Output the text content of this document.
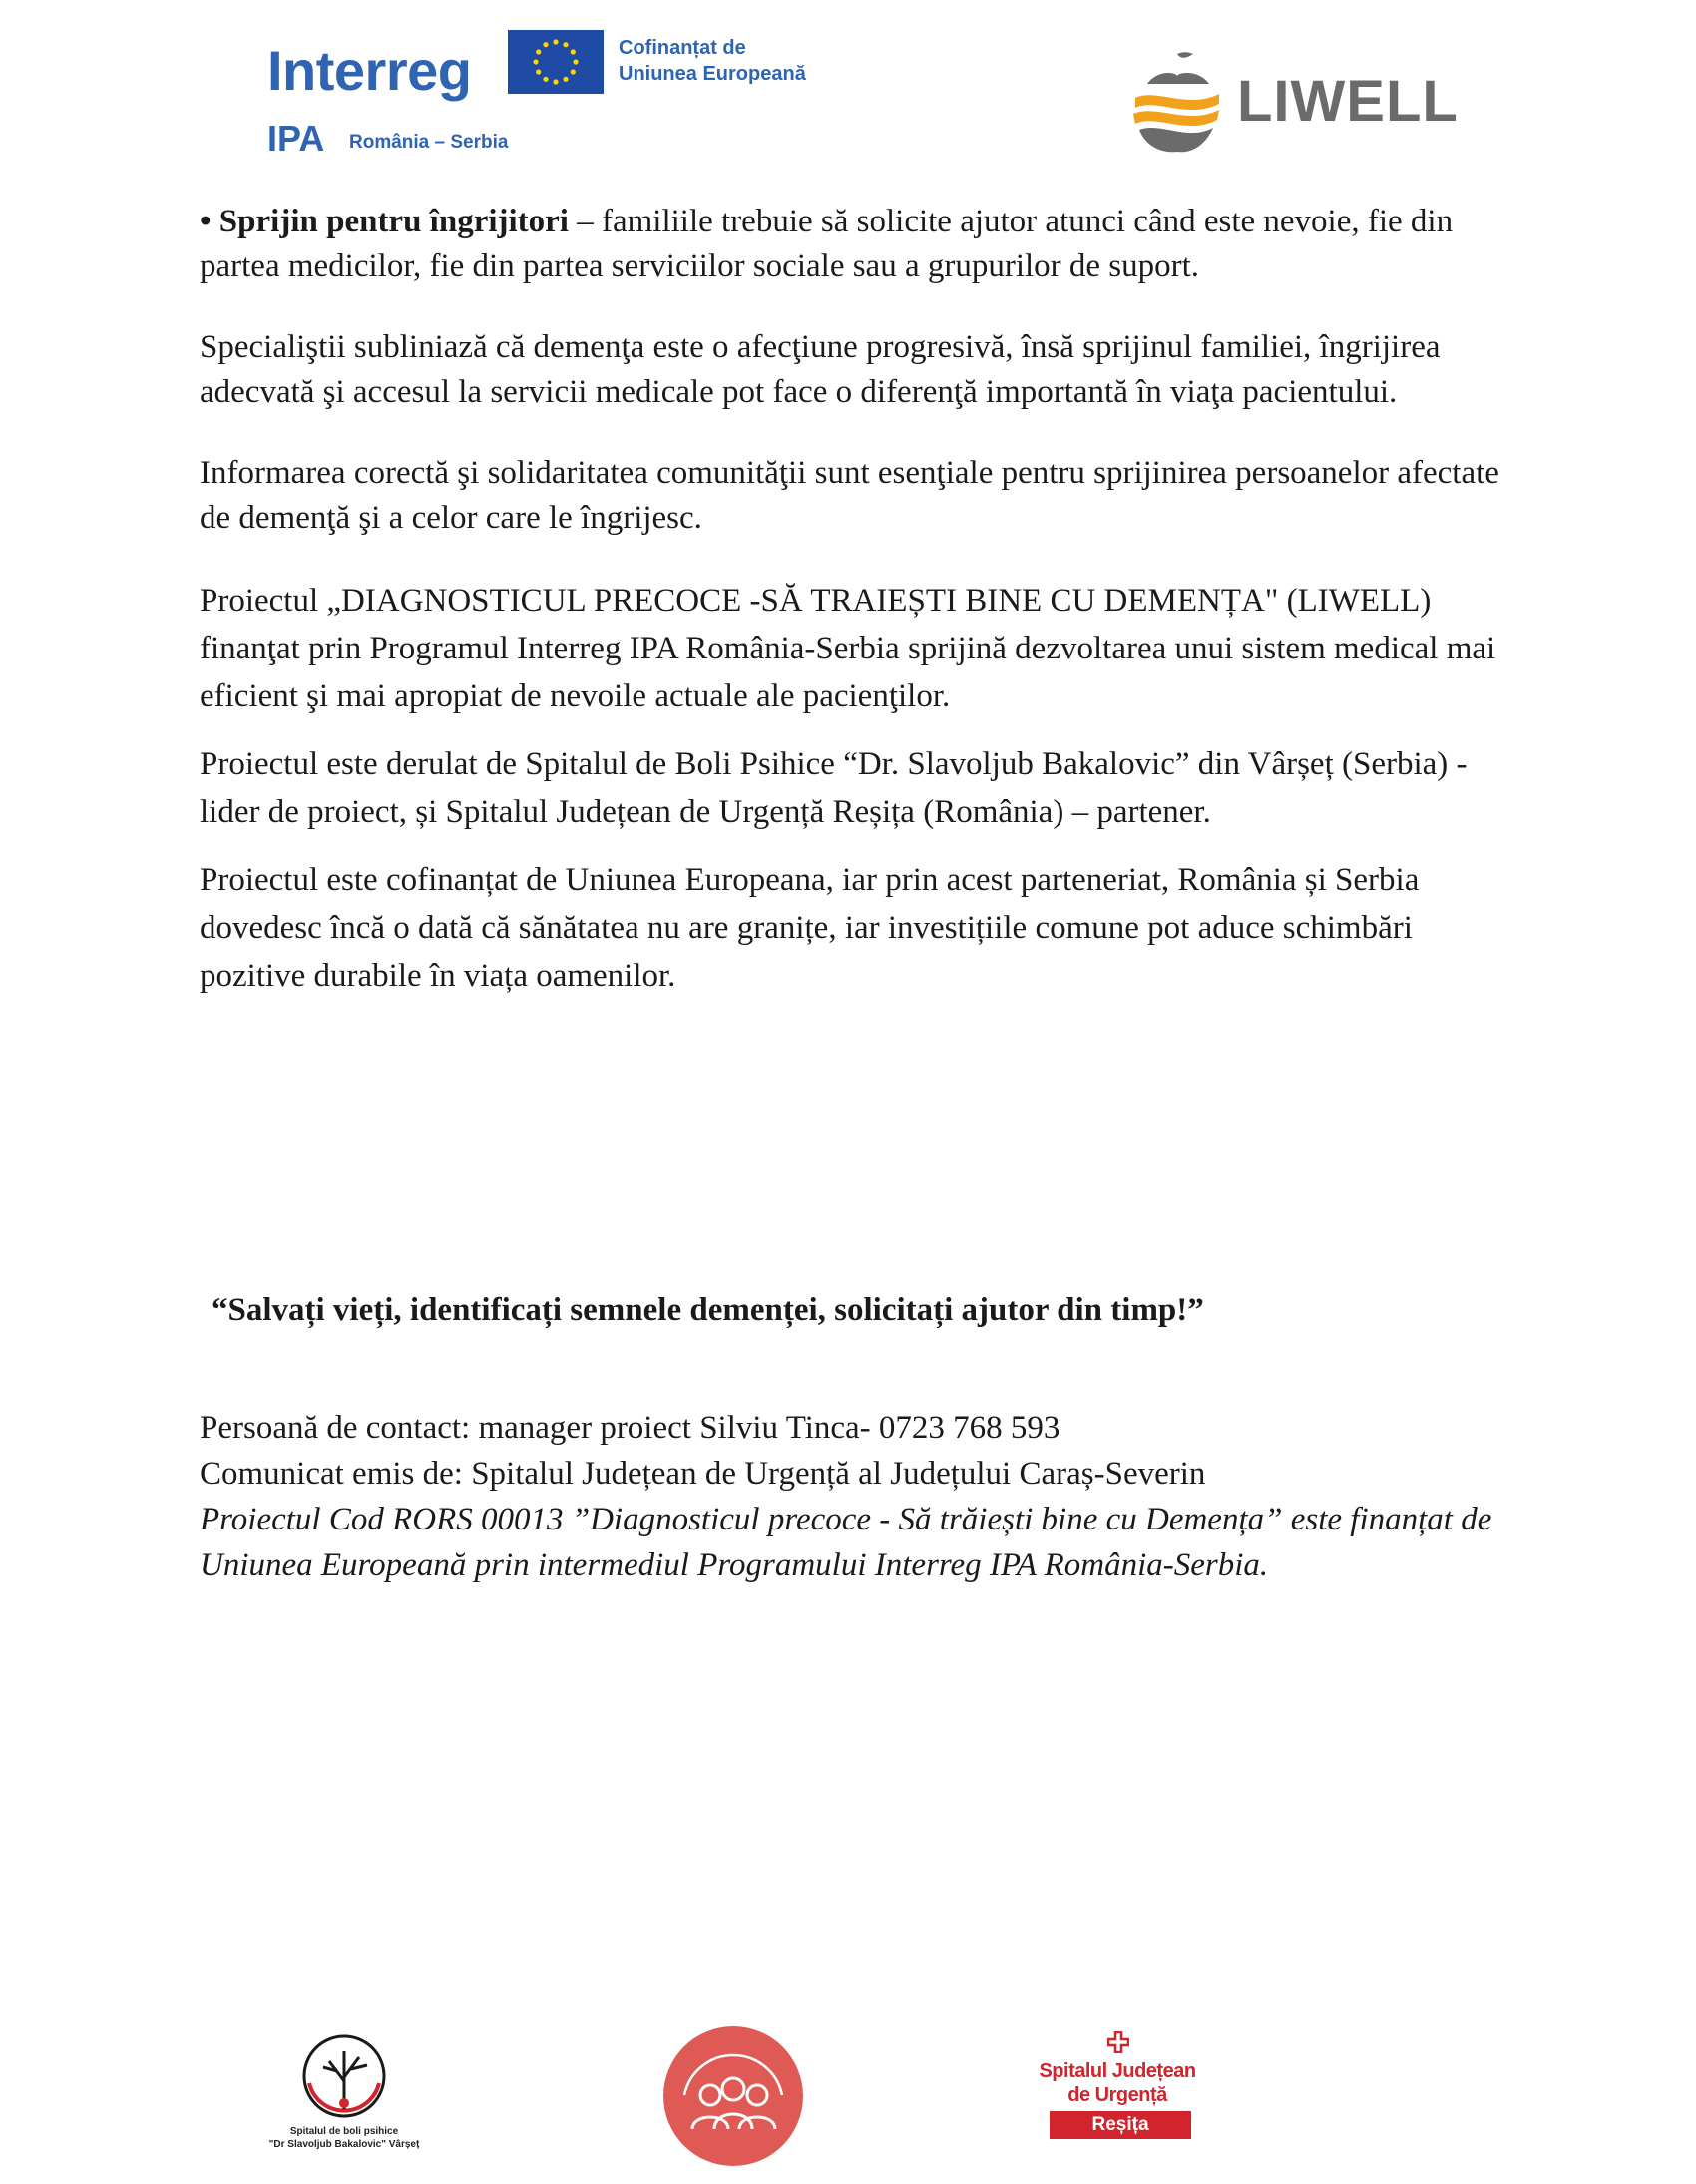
Interreg
IPA România – Serbia
Cofinanțat de
Uniunea Europeană	LIWELL

• Sprijin pentru îngrijitori – familiile trebuie să solicite ajutor atunci când este nevoie, fie din partea medicilor, fie din partea serviciilor sociale sau a grupurilor de suport.

Specialiştii subliniază că demenţa este o afecţiune progresivă, însă sprijinul familiei, îngrijirea adecvată şi accesul la servicii medicale pot face o diferenţă importantă în viaţa pacientului.

Informarea corectă şi solidaritatea comunităţii sunt esenţiale pentru sprijinirea persoanelor afectate de demenţă şi a celor care le îngrijesc.

Proiectul „DIAGNOSTICUL PRECOCE -SĂ TRAIEȘTI BINE CU DEMENȚA" (LIWELL) finanţat prin Programul Interreg IPA România-Serbia sprijină dezvoltarea unui sistem medical mai eficient şi mai apropiat de nevoile actuale ale pacienţilor.

Proiectul este derulat de Spitalul de Boli Psihice “Dr. Slavoljub Bakalovic” din Vârșeț (Serbia) - lider de proiect, și Spitalul Județean de Urgență Reșița (România) – partener.

Proiectul este cofinanțat de Uniunea Europeana, iar prin acest parteneriat, România și Serbia dovedesc încă o dată că sănătatea nu are granițe, iar investițiile comune pot aduce schimbări pozitive durabile în viața oamenilor.

“Salvați vieți, identificați semnele demenței, solicitați ajutor din timp!”

Persoană de contact: manager proiect Silviu Tinca- 0723 768 593

Comunicat emis de: Spitalul Județean de Urgență al Județului Caraș-Severin

Proiectul Cod RORS 00013 ”Diagnosticul precoce - Să trăiești bine cu Demența” este finanțat de Uniunea Europeană prin intermediul Programului Interreg IPA România-Serbia.

Spitalul de boli psihice
"Dr Slavoljub Bakalovic" Vârșeț
Spitalul Județean
de Urgență
Reșița
